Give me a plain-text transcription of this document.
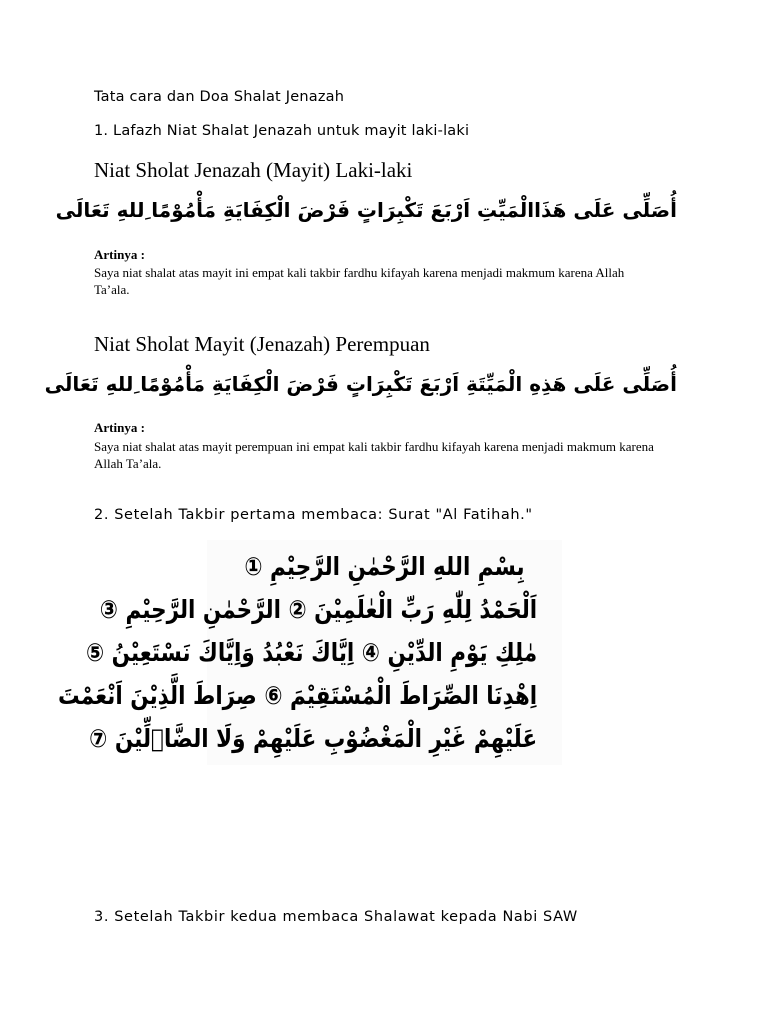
Tata cara dan Doa Shalat Jenazah

1. Lafazh Niat Shalat Jenazah untuk mayit laki-laki

Niat Sholat Jenazah (Mayit) Laki-laki

أُصَلِّى عَلَى هَذَاالْمَيِّتِ اَرْبَعَ تَكْبِرَاتٍ فَرْضَ الْكِفَايَةِ مَأْمُوْمًا ِللهِ تَعَالَى

Artinya :

Saya niat shalat atas mayit ini empat kali takbir fardhu kifayah karena menjadi makmum karena Allah Ta’ala.

Niat Sholat Mayit (Jenazah) Perempuan

أُصَلِّى عَلَى هَذِهِ الْمَيِّتَةِ اَرْبَعَ تَكْبِرَاتٍ فَرْضَ الْكِفَايَةِ مَأْمُوْمًا ِللهِ تَعَالَى

Artinya :

Saya niat shalat atas mayit perempuan ini empat kali takbir fardhu kifayah karena menjadi makmum karena Allah Ta’ala.

2. Setelah Takbir pertama membaca: Surat "Al Fatihah."

بِسْمِ اللهِ الرَّحْمٰنِ الرَّحِيْمِ ①
اَلْحَمْدُ لِلّٰهِ رَبِّ الْعٰلَمِيْنَ ② الرَّحْمٰنِ الرَّحِيْمِ ③
مٰلِكِ يَوْمِ الدِّيْنِ ④ اِيَّاكَ نَعْبُدُ وَاِيَّاكَ نَسْتَعِيْنُ ⑤
اِهْدِنَا الصِّرَاطَ الْمُسْتَقِيْمَ ⑥ صِرَاطَ الَّذِيْنَ اَنْعَمْتَ
عَلَيْهِمْ غَيْرِ الْمَغْضُوْبِ عَلَيْهِمْ وَلَا الضَّاۤلِّيْنَ ⑦

3. Setelah Takbir kedua membaca Shalawat kepada Nabi SAW
